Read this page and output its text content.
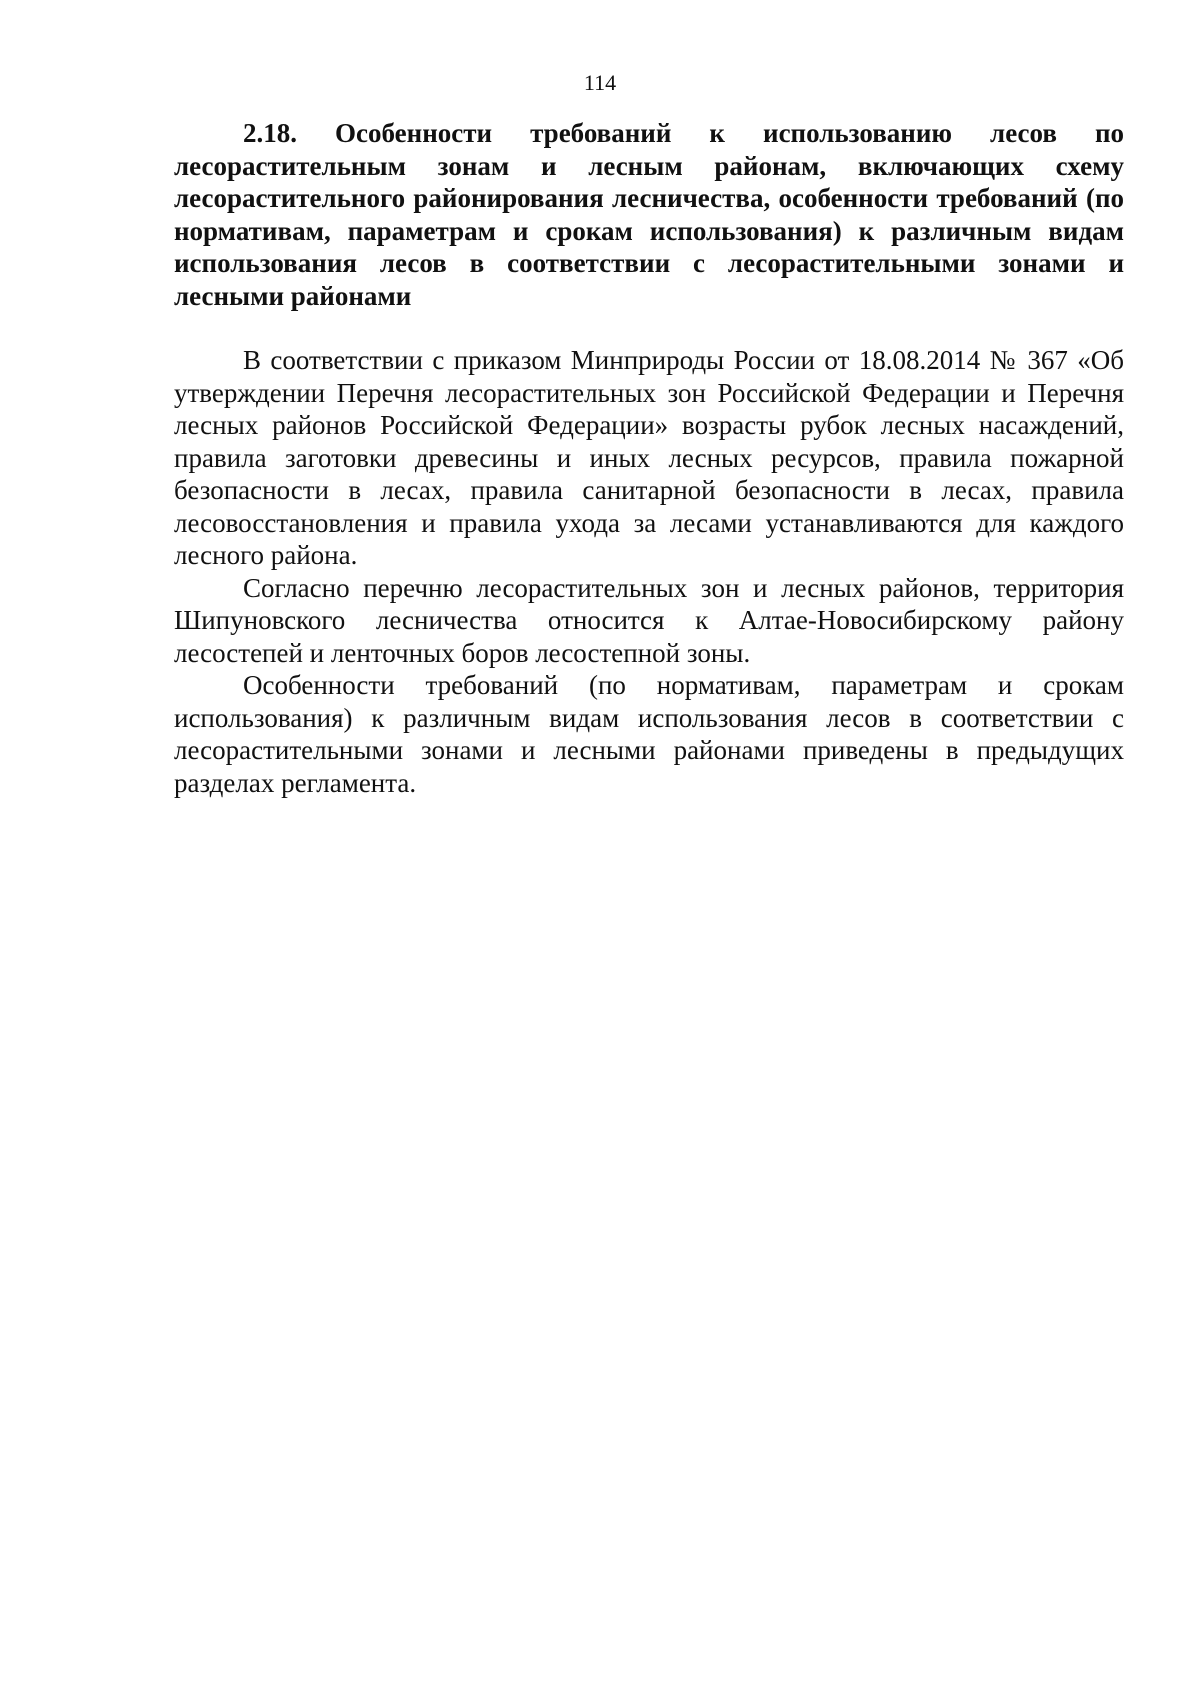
114
2.18. Особенности требований к использованию лесов по лесорастительным зонам и лесным районам, включающих схему лесорастительного районирования лесничества, особенности требований (по нормативам, параметрам и срокам использования) к различным видам использования лесов в соответствии с лесорастительными зонами и лесными районами

В соответствии с приказом Минприроды России от 18.08.2014 № 367 «Об утверждении Перечня лесорастительных зон Российской Федерации и Перечня лесных районов Российской Федерации» возрасты рубок лесных насаждений, правила заготовки древесины и иных лесных ресурсов, правила пожарной безопасности в лесах, правила санитарной безопасности в лесах, правила лесовосстановления и правила ухода за лесами устанавливаются для каждого лесного района.

Согласно перечню лесорастительных зон и лесных районов, территория Шипуновского лесничества относится к Алтае-Новосибирскому району лесостепей и ленточных боров лесостепной зоны.

Особенности требований (по нормативам, параметрам и срокам использования) к различным видам использования лесов в соответствии с лесорастительными зонами и лесными районами приведены в предыдущих разделах регламента.
